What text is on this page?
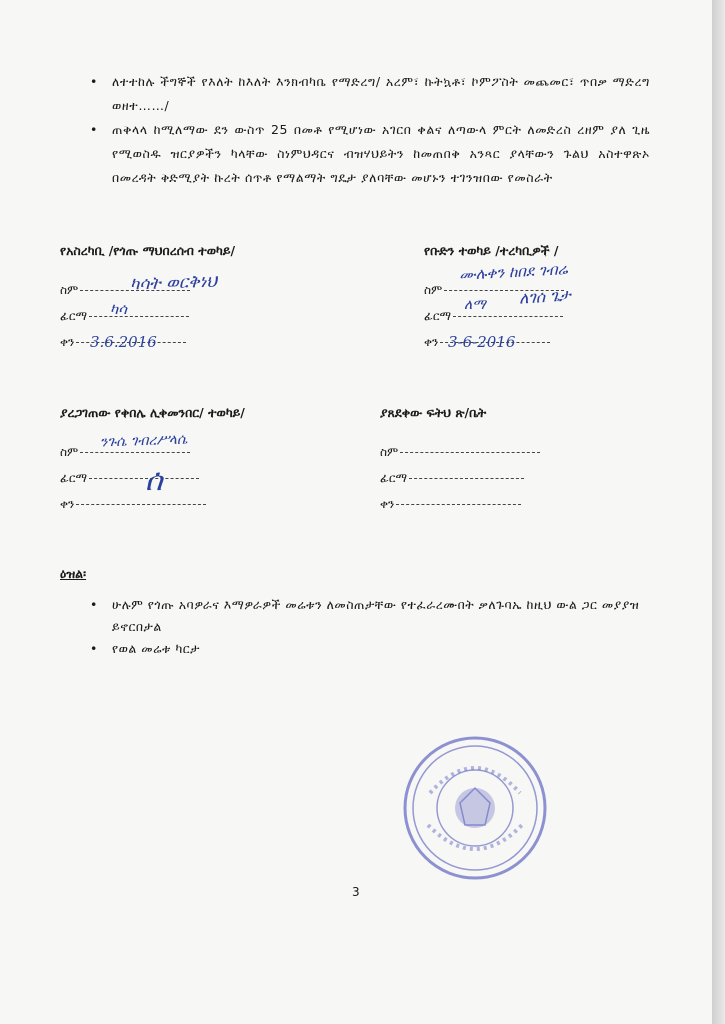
• ለተተከሉ ችግኞች የእለት ከእለት እንክብካቤ የማድረግ/ አረም፣ ኩትኳቶ፣ ኮምፖስት መጨመር፣ ጥበቃ ማድረግ ወዘተ……/
• ጠቅላላ ከሚለማው ደን ውስጥ 25 በመቶ የሚሆነው አገርበ ቀልና ለጣውላ ምርት ለመድረስ ረዘም ያለ ጊዜ የሚወስዱ ዝርያዎችን ካላቸው ስነምህዳርና ብዝሃህይትን ከመጠበቅ አንጻር ያላቸውን ጉልህ አስተዋጽኦ በመረዳት ቅድሚያት ኩረት ሰጥቶ የማልማት ግዴታ ያለባቸው መሆኑን ተገንዝበው የመስራት
የአስረካቢ /የጎጡ ማህበረሰብ ተወካይ/
ስም
ፊርማ
ቀን
ካሳት ወርቅነህ
ካሳ
3.6.2016
የቡድን ተወካይ /ተረካቢዎች /
ስም
ፊርማ
ቀን
ሙሉቀን ከበደ ገብሬ
ለገሰ ጌታ
ለማ
3-6-2016
ያረጋገጠው የቀበሌ ሊቀመንበር/ ተወካይ/
ስም
ፊርማ
ቀን
ንጉሴ ገብረሥላሴ
ሰ
ያጸደቀው ፍትህ ጽ/ቤት
ስም
ፊርማ
ቀን
ዕዝል፡
• ሁሉም የጎጡ አባዎራና እማዎራዎች መሬቱን ለመስጠታቸው የተፈራረሙበት ቃለጉባኤ ከዚህ ውል ጋር መያያዝ ይኖርበታል
• የወል መሬቱ ካርታ
3
